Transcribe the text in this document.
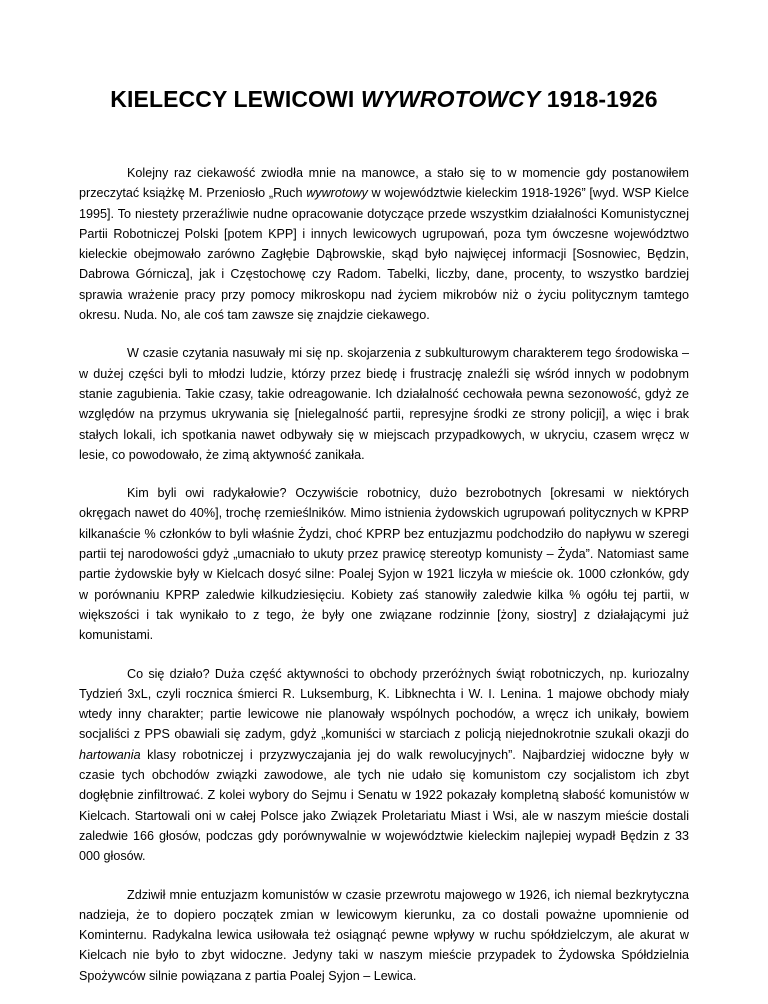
KIELECCY LEWICOWI WYWROTOWCY 1918-1926

Kolejny raz ciekawość zwiodła mnie na manowce, a stało się to w momencie gdy postanowiłem przeczytać książkę M. Przeniosło „Ruch wywrotowy w województwie kieleckim 1918-1926” [wyd. WSP Kielce 1995]. To niestety przeraźliwie nudne opracowanie dotyczące przede wszystkim działalności Komunistycznej Partii Robotniczej Polski [potem KPP] i innych lewicowych ugrupowań, poza tym ówczesne województwo kieleckie obejmowało zarówno Zagłębie Dąbrowskie, skąd było najwięcej informacji [Sosnowiec, Będzin, Dabrowa Górnicza], jak i Częstochowę czy Radom. Tabelki, liczby, dane, procenty, to wszystko bardziej sprawia wrażenie pracy przy pomocy mikroskopu nad życiem mikrobów niż o życiu politycznym tamtego okresu. Nuda. No, ale coś tam zawsze się znajdzie ciekawego.

W czasie czytania nasuwały mi się np. skojarzenia z subkulturowym charakterem tego środowiska – w dużej części byli to młodzi ludzie, którzy przez biedę i frustrację znaleźli się wśród innych w podobnym stanie zagubienia. Takie czasy, takie odreagowanie. Ich działalność cechowała pewna sezonowość, gdyż ze względów na przymus ukrywania się [nielegalność partii, represyjne środki ze strony policji], a więc i brak stałych lokali, ich spotkania nawet odbywały się w miejscach przypadkowych, w ukryciu, czasem wręcz w lesie, co powodowało, że zimą aktywność zanikała.

Kim byli owi radykałowie? Oczywiście robotnicy, dużo bezrobotnych [okresami w niektórych okręgach nawet do 40%], trochę rzemieślników. Mimo istnienia żydowskich ugrupowań politycznych w KPRP kilkanaście % członków to byli właśnie Żydzi, choć KPRP bez entuzjazmu podchodziło do napływu w szeregi partii tej narodowości gdyż „umacniało to ukuty przez prawicę stereotyp komunisty – Żyda”. Natomiast same partie żydowskie były w Kielcach dosyć silne: Poalej Syjon w 1921 liczyła w mieście ok. 1000 członków, gdy w porównaniu KPRP zaledwie kilkudziesięciu. Kobiety zaś stanowiły zaledwie kilka % ogółu tej partii, w większości i tak wynikało to z tego, że były one związane rodzinnie [żony, siostry] z działającymi już komunistami.

Co się działo? Duża część aktywności to obchody przeróżnych świąt robotniczych, np. kuriozalny Tydzień 3xL, czyli rocznica śmierci R. Luksemburg, K. Libknechta i W. I. Lenina. 1 majowe obchody miały wtedy inny charakter; partie lewicowe nie planowały wspólnych pochodów, a wręcz ich unikały, bowiem socjaliści z PPS obawiali się zadym, gdyż „komuniści w starciach z policją niejednokrotnie szukali okazji do hartowania klasy robotniczej i przyzwyczajania jej do walk rewolucyjnych”. Najbardziej widoczne były w czasie tych obchodów związki zawodowe, ale tych nie udało się komunistom czy socjalistom ich zbyt dogłębnie zinfiltrować. Z kolei wybory do Sejmu i Senatu w 1922 pokazały kompletną słabość komunistów w Kielcach. Startowali oni w całej Polsce jako Związek Proletariatu Miast i Wsi, ale w naszym mieście dostali zaledwie 166 głosów, podczas gdy porównywalnie w województwie kieleckim najlepiej wypadł Będzin z 33 000 głosów.

Zdziwił mnie entuzjazm komunistów w czasie przewrotu majowego w 1926, ich niemal bezkrytyczna nadzieja, że to dopiero początek zmian w lewicowym kierunku, za co dostali poważne upomnienie od Kominternu. Radykalna lewica usiłowała też osiągnąć pewne wpływy w ruchu spółdzielczym, ale akurat w Kielcach nie było to zbyt widoczne. Jedyny taki w naszym mieście przypadek to Żydowska Spółdzielnia Spożywców silnie powiązana z partia Poalej Syjon – Lewica.
